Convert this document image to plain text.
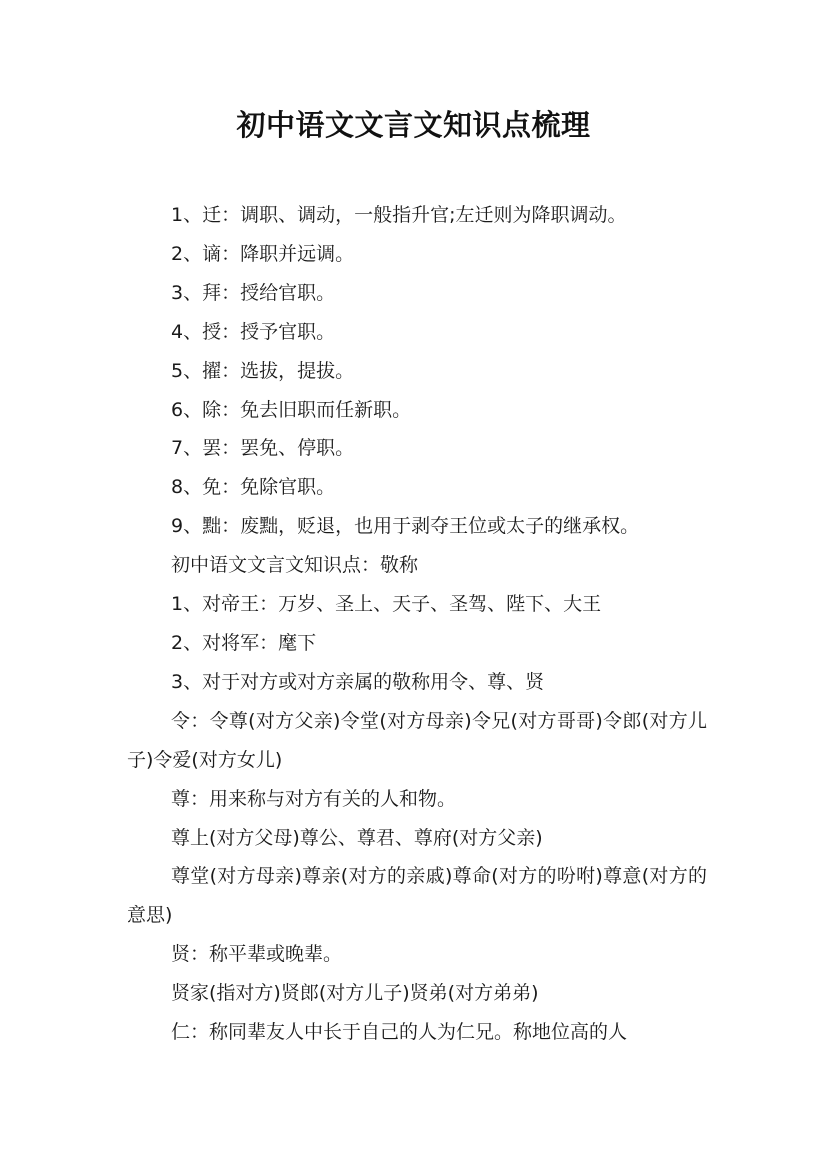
初中语文文言文知识点梳理

1、迁：调职、调动，一般指升官;左迁则为降职调动。

2、谪：降职并远调。

3、拜：授给官职。

4、授：授予官职。

5、擢：选拔，提拔。

6、除：免去旧职而任新职。

7、罢：罢免、停职。

8、免：免除官职。

9、黜：废黜，贬退，也用于剥夺王位或太子的继承权。

初中语文文言文知识点：敬称

1、对帝王：万岁、圣上、天子、圣驾、陛下、大王

2、对将军：麾下

3、对于对方或对方亲属的敬称用令、尊、贤

令：令尊(对方父亲)令堂(对方母亲)令兄(对方哥哥)令郎(对方儿子)令爱(对方女儿)

尊：用来称与对方有关的人和物。

尊上(对方父母)尊公、尊君、尊府(对方父亲)

尊堂(对方母亲)尊亲(对方的亲戚)尊命(对方的吩咐)尊意(对方的意思)

贤：称平辈或晚辈。

贤家(指对方)贤郎(对方儿子)贤弟(对方弟弟)

仁：称同辈友人中长于自己的人为仁兄。称地位高的人
